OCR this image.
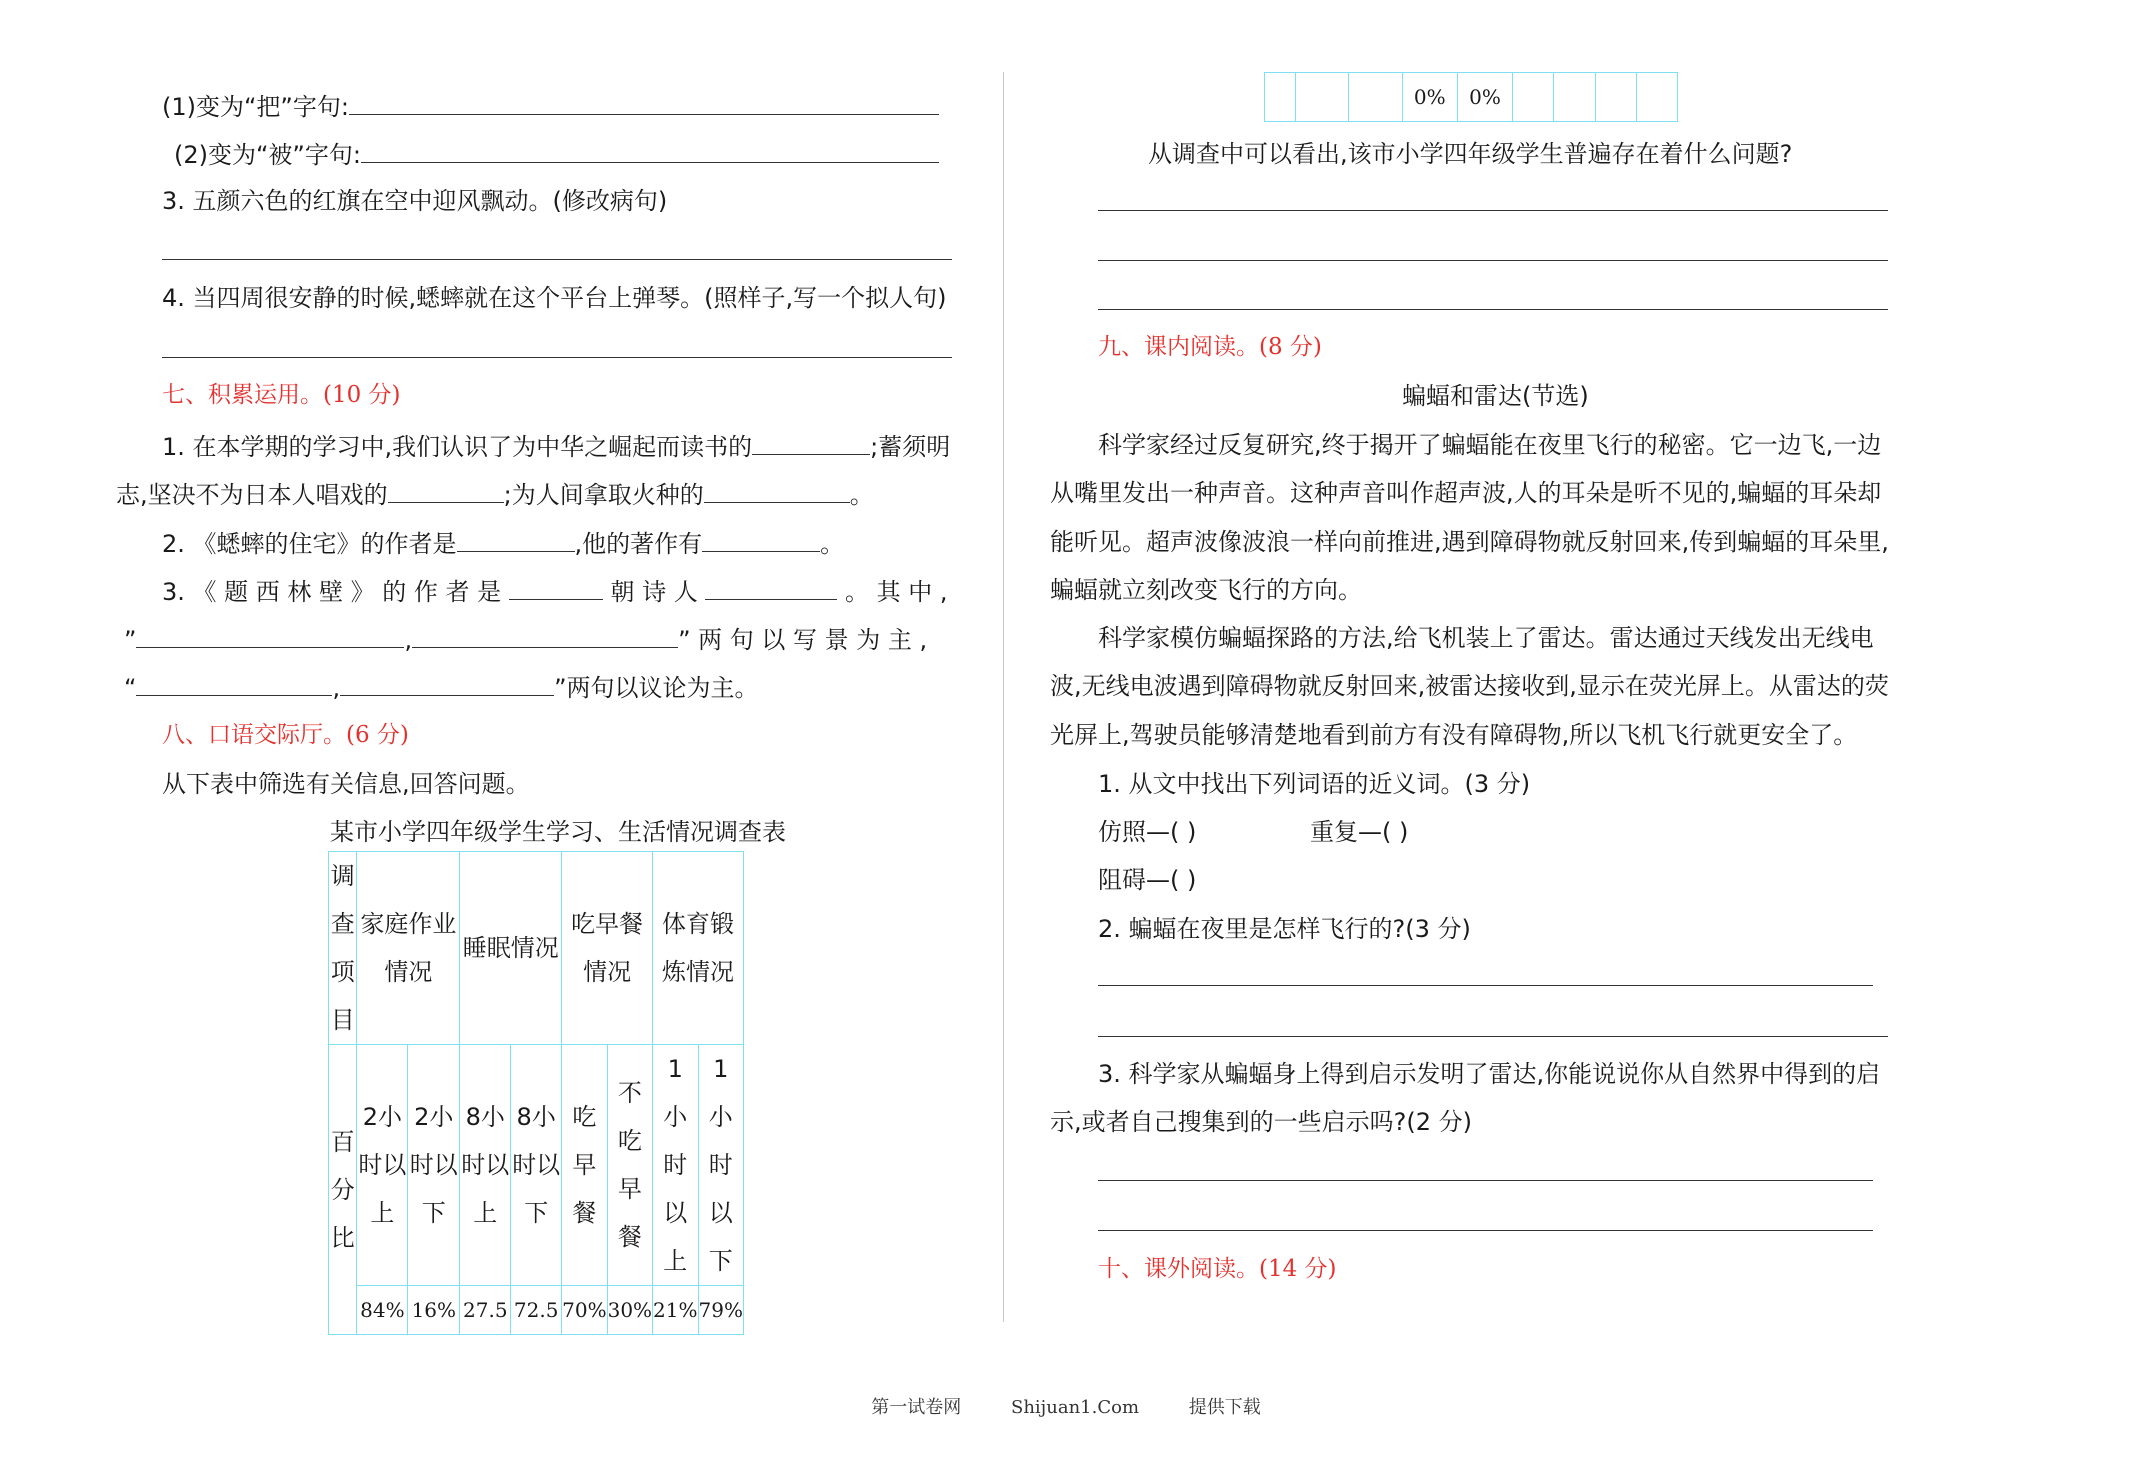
(1)变为“把”字句:
(2)变为“被”字句:
3. 五颜六色的红旗在空中迎风飘动。(修改病句)
4. 当四周很安静的时候,蟋蟀就在这个平台上弹琴。(照样子,写一个拟人句)
七、积累运用。(10 分)
1. 在本学期的学习中,我们认识了为中华之崛起而读书的	;蓄须明
志,坚决不为日本人唱戏的	;为人间拿取火种的	。
2. 《蟋蟀的住宅》的作者是	,他的著作有	。
3. 《 题 西 林 壁 》 的 作 者 是	朝 诗 人	。 其 中 ,
”	,	” 两 句 以 写 景 为 主 ,
“	,	”两句以议论为主。
八、口语交际厅。(6 分)
从下表中筛选有关信息,回答问题。
某市小学四年级学生学习、生活情况调查表
调查项目	家庭作业情况		睡眠情况		吃早餐情况		体育锻炼情况	
百分比	2小时以上	2小时以下	8小时以上	8小时以下	吃早餐	不吃早餐	1小时以上	1小时以下
	84%	16%	27.5	72.5	70%	30%	21%	79%
			0%	0%				
从调查中可以看出,该市小学四年级学生普遍存在着什么问题?
九、课内阅读。(8 分)
蝙蝠和雷达(节选)
科学家经过反复研究,终于揭开了蝙蝠能在夜里飞行的秘密。它一边飞,一边
从嘴里发出一种声音。这种声音叫作超声波,人的耳朵是听不见的,蝙蝠的耳朵却
能听见。超声波像波浪一样向前推进,遇到障碍物就反射回来,传到蝙蝠的耳朵里,
蝙蝠就立刻改变飞行的方向。
科学家模仿蝙蝠探路的方法,给飞机装上了雷达。雷达通过天线发出无线电
波,无线电波遇到障碍物就反射回来,被雷达接收到,显示在荧光屏上。从雷达的荧
光屏上,驾驶员能够清楚地看到前方有没有障碍物,所以飞机飞行就更安全了。
1. 从文中找出下列词语的近义词。(3 分)
仿照—( )	重复—( )
阻碍—( )
2. 蝙蝠在夜里是怎样飞行的?(3 分)
3. 科学家从蝙蝠身上得到启示发明了雷达,你能说说你从自然界中得到的启
示,或者自己搜集到的一些启示吗?(2 分)
十、课外阅读。(14 分)
第一试卷网	Shijuan1.Com	提供下载
